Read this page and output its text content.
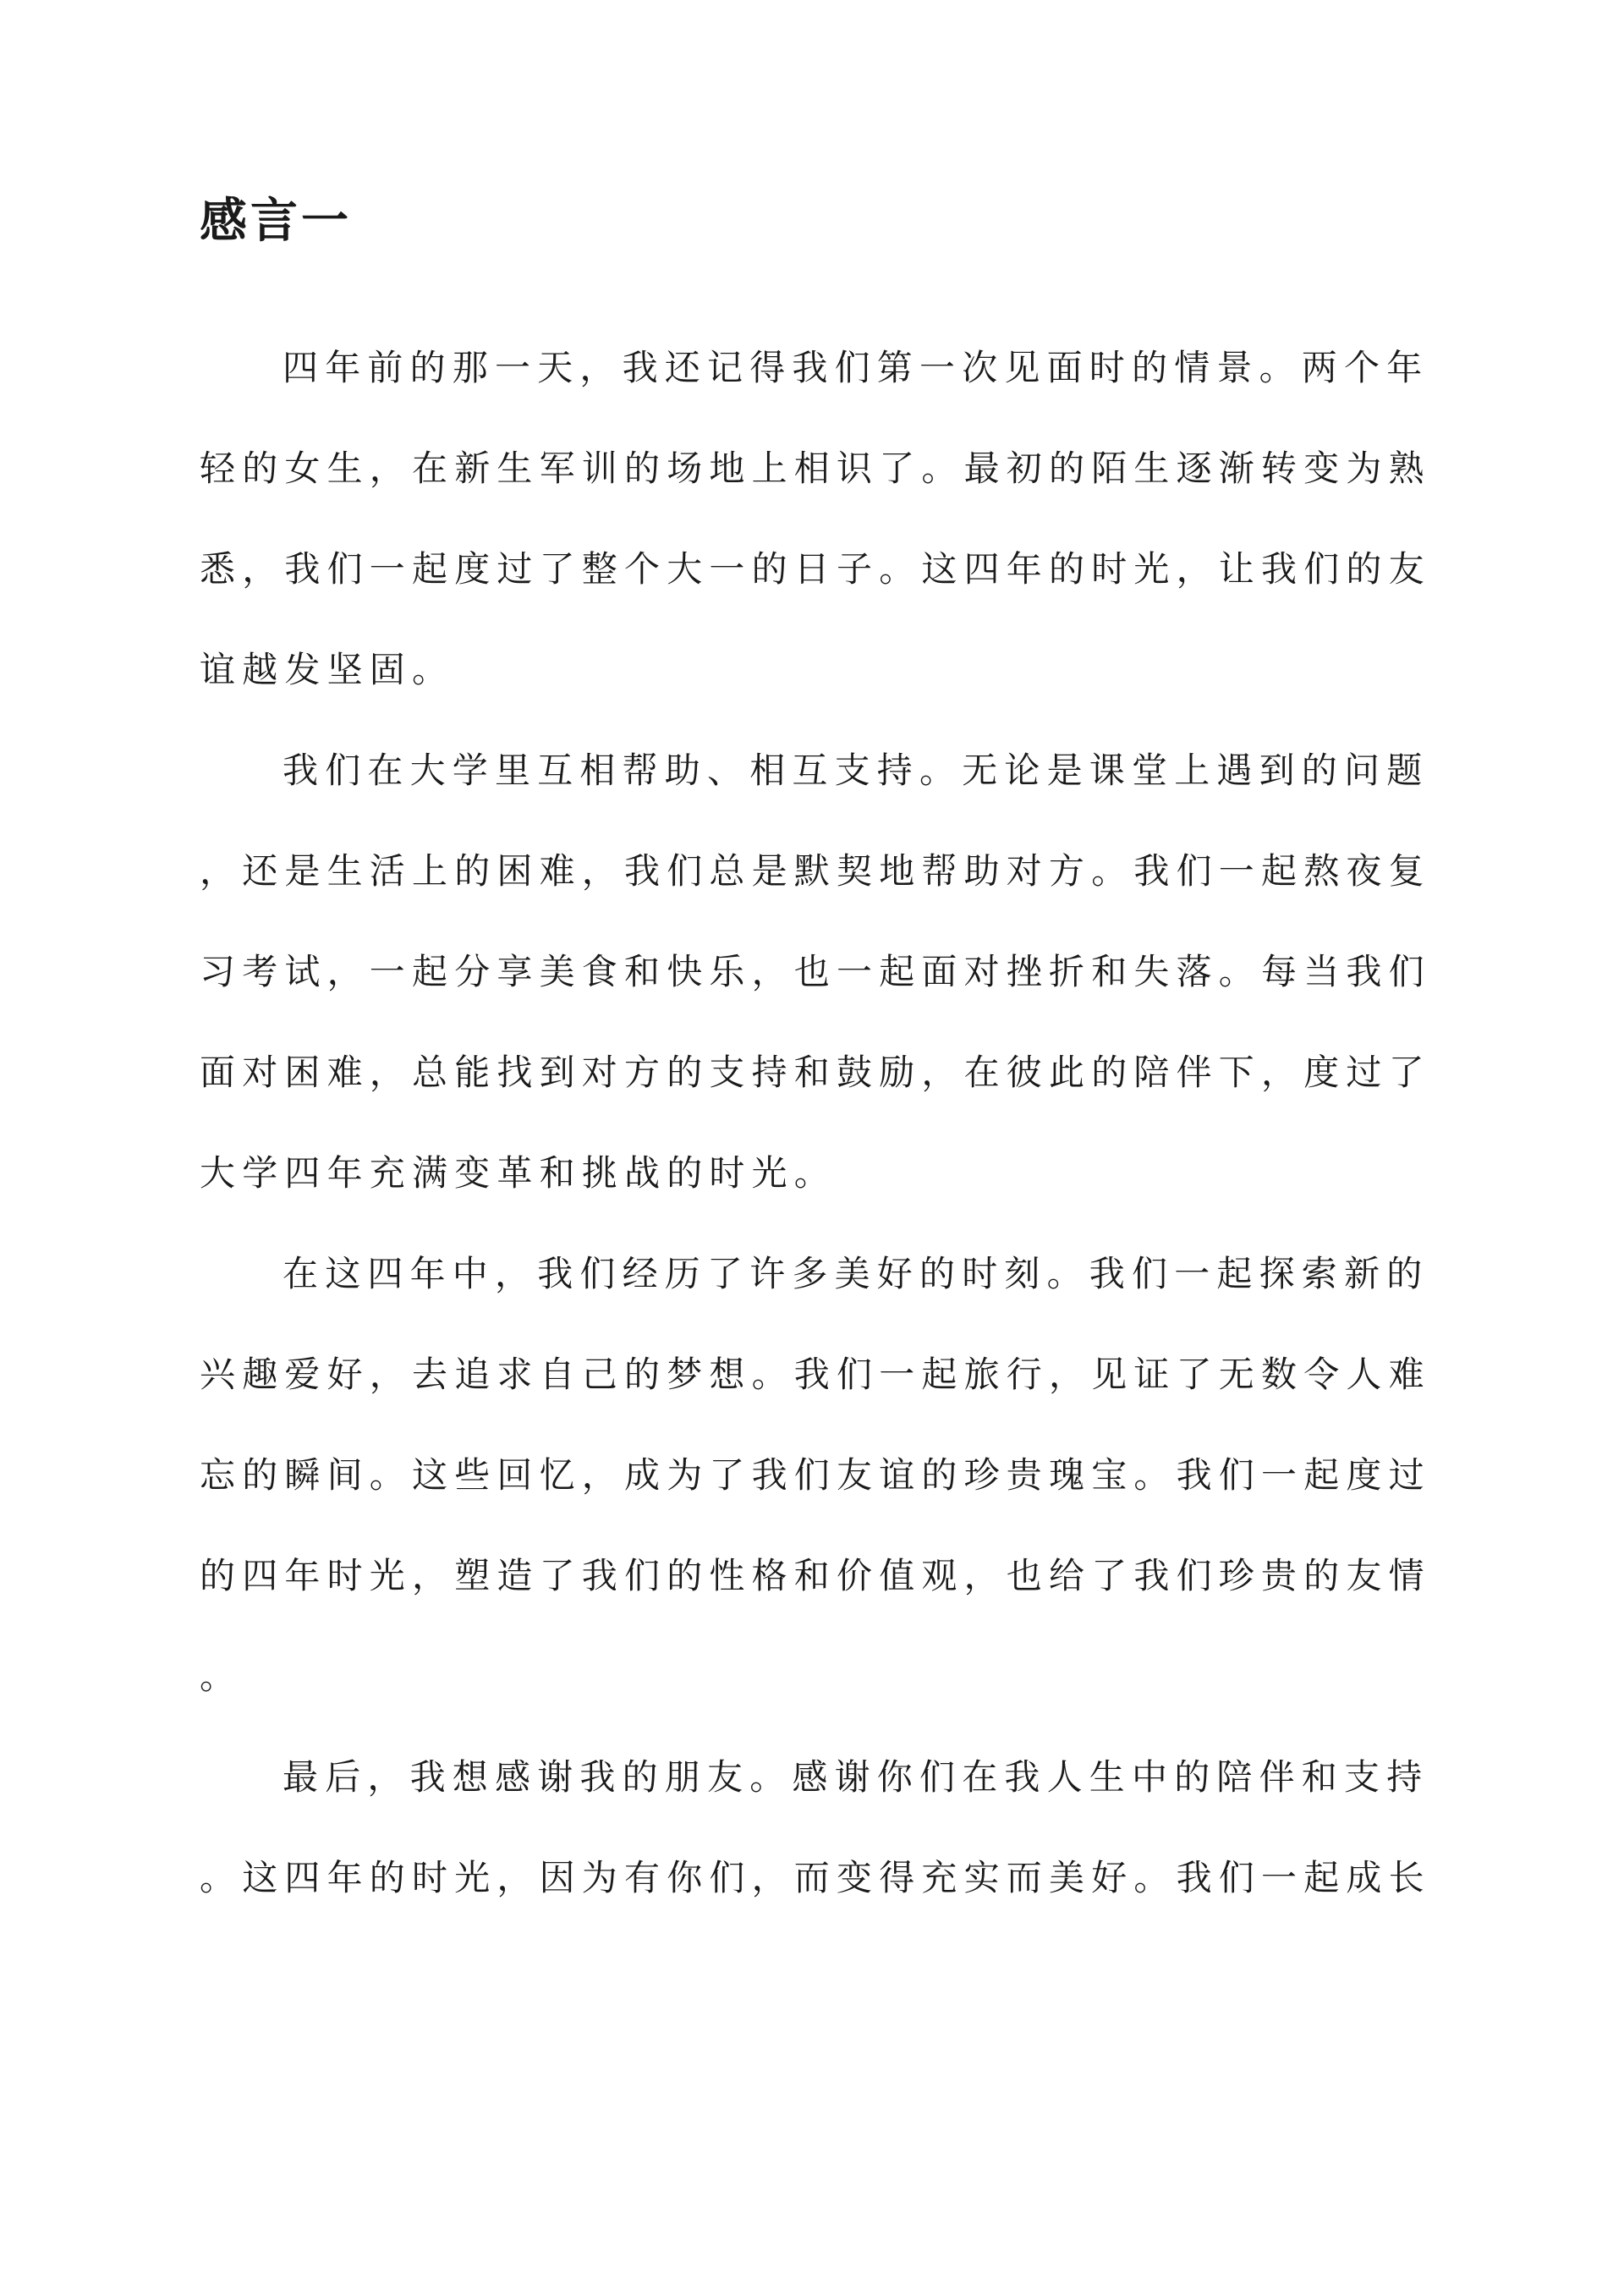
感言一
四年前的那一天，我还记得我们第一次见面时的情景。两个年
轻的女生，在新生军训的场地上相识了。最初的陌生逐渐转变为熟
悉，我们一起度过了整个大一的日子。这四年的时光，让我们的友
谊越发坚固。
我们在大学里互相帮助、相互支持。无论是课堂上遇到的问题
，还是生活上的困难，我们总是默契地帮助对方。我们一起熬夜复
习考试，一起分享美食和快乐，也一起面对挫折和失落。每当我们
面对困难，总能找到对方的支持和鼓励，在彼此的陪伴下，度过了
大学四年充满变革和挑战的时光。
在这四年中，我们经历了许多美好的时刻。我们一起探索新的
兴趣爱好，去追求自己的梦想。我们一起旅行，见证了无数令人难
忘的瞬间。这些回忆，成为了我们友谊的珍贵瑰宝。我们一起度过
的四年时光，塑造了我们的性格和价值观，也给了我们珍贵的友情
。
最后，我想感谢我的朋友。感谢你们在我人生中的陪伴和支持
。这四年的时光，因为有你们，而变得充实而美好。我们一起成长
